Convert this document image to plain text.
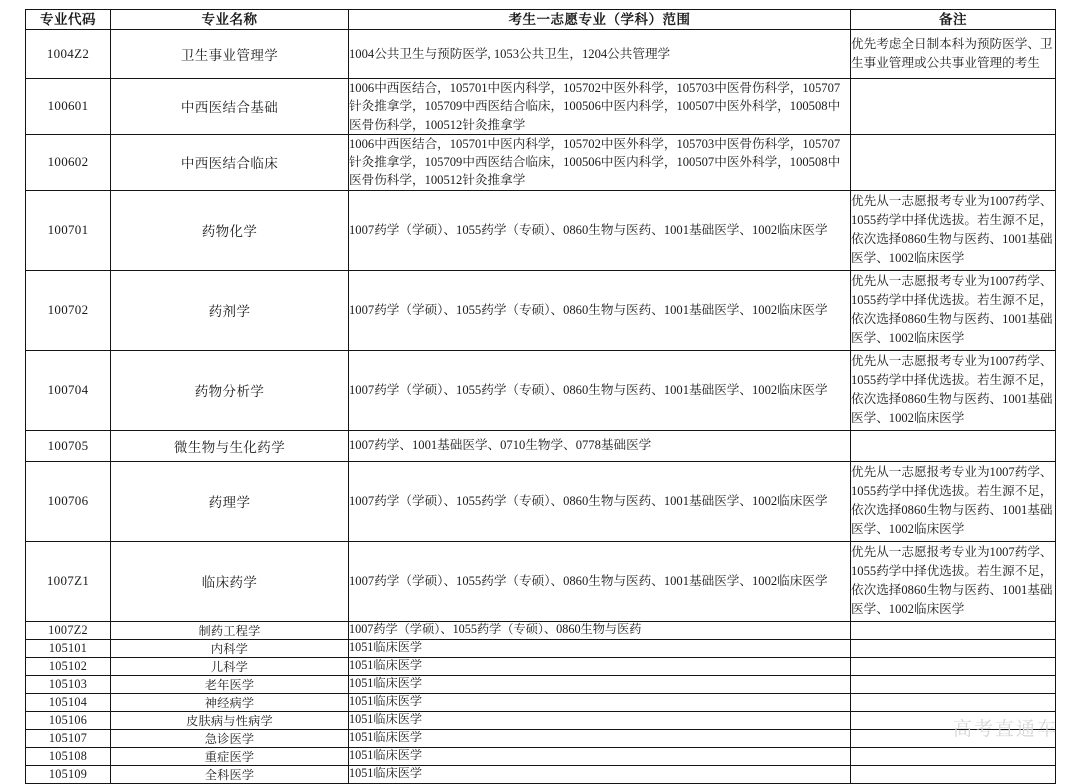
专业代码	专业名称	考生一志愿专业（学科）范围	备注
1004Z2	卫生事业管理学	1004公共卫生与预防医学, 1053公共卫生，1204公共管理学	优先考虑全日制本科为预防医学、卫生事业管理或公共事业管理的考生
100601	中西医结合基础	1006中西医结合，105701中医内科学，105702中医外科学，105703中医骨伤科学，105707针灸推拿学，105709中西医结合临床，100506中医内科学，100507中医外科学，100508中医骨伤科学，100512针灸推拿学	
100602	中西医结合临床	1006中西医结合，105701中医内科学，105702中医外科学，105703中医骨伤科学，105707针灸推拿学，105709中西医结合临床，100506中医内科学，100507中医外科学，100508中医骨伤科学，100512针灸推拿学	
100701	药物化学	1007药学（学硕）、1055药学（专硕）、0860生物与医药、1001基础医学、1002临床医学	优先从一志愿报考专业为1007药学、1055药学中择优选拔。若生源不足，依次选择0860生物与医药、1001基础医学、1002临床医学
100702	药剂学	1007药学（学硕）、1055药学（专硕）、0860生物与医药、1001基础医学、1002临床医学	优先从一志愿报考专业为1007药学、1055药学中择优选拔。若生源不足，依次选择0860生物与医药、1001基础医学、1002临床医学
100704	药物分析学	1007药学（学硕）、1055药学（专硕）、0860生物与医药、1001基础医学、1002临床医学	优先从一志愿报考专业为1007药学、1055药学中择优选拔。若生源不足，依次选择0860生物与医药、1001基础医学、1002临床医学
100705	微生物与生化药学	1007药学、1001基础医学、0710生物学、0778基础医学	
100706	药理学	1007药学（学硕）、1055药学（专硕）、0860生物与医药、1001基础医学、1002临床医学	优先从一志愿报考专业为1007药学、1055药学中择优选拔。若生源不足，依次选择0860生物与医药、1001基础医学、1002临床医学
1007Z1	临床药学	1007药学（学硕）、1055药学（专硕）、0860生物与医药、1001基础医学、1002临床医学	优先从一志愿报考专业为1007药学、1055药学中择优选拔。若生源不足，依次选择0860生物与医药、1001基础医学、1002临床医学
1007Z2	制药工程学	1007药学（学硕）、1055药学（专硕）、0860生物与医药	
105101	内科学	1051临床医学	
105102	儿科学	1051临床医学	
105103	老年医学	1051临床医学	
105104	神经病学	1051临床医学	
105106	皮肤病与性病学	1051临床医学	
105107	急诊医学	1051临床医学	
105108	重症医学	1051临床医学	
105109	全科医学	1051临床医学	
高考直通车
